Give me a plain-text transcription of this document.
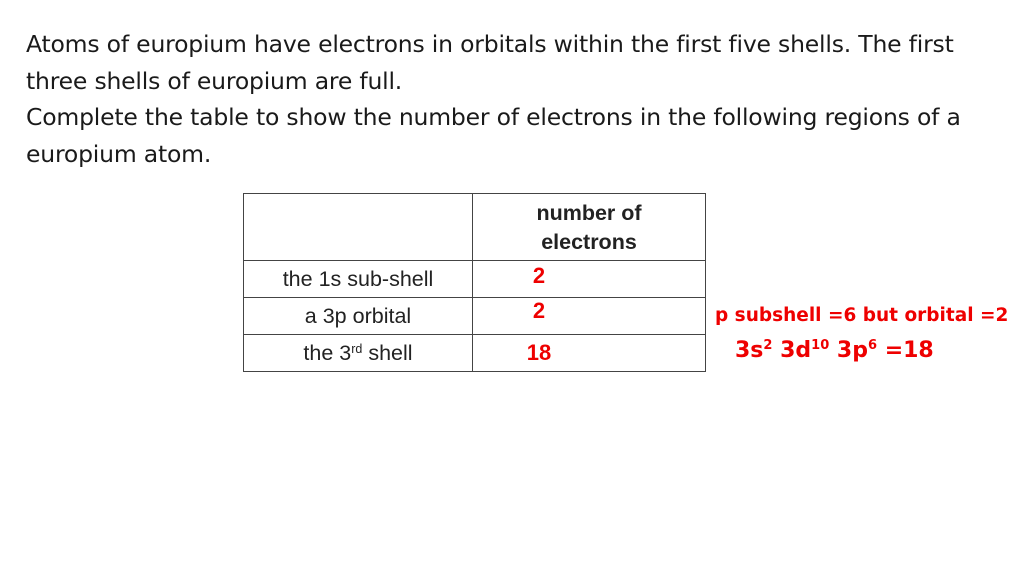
Atoms of europium have electrons in orbitals within the first five shells. The first three shells of europium are full.

Complete the table to show the number of electrons in the following regions of a europium atom.

	number of
electrons
the 1s sub-shell	2
a 3p orbital	2
the 3rd shell	18
p subshell =6 but orbital =2
$3s^2$ $3d^{10}$ $3p^6 =18$
